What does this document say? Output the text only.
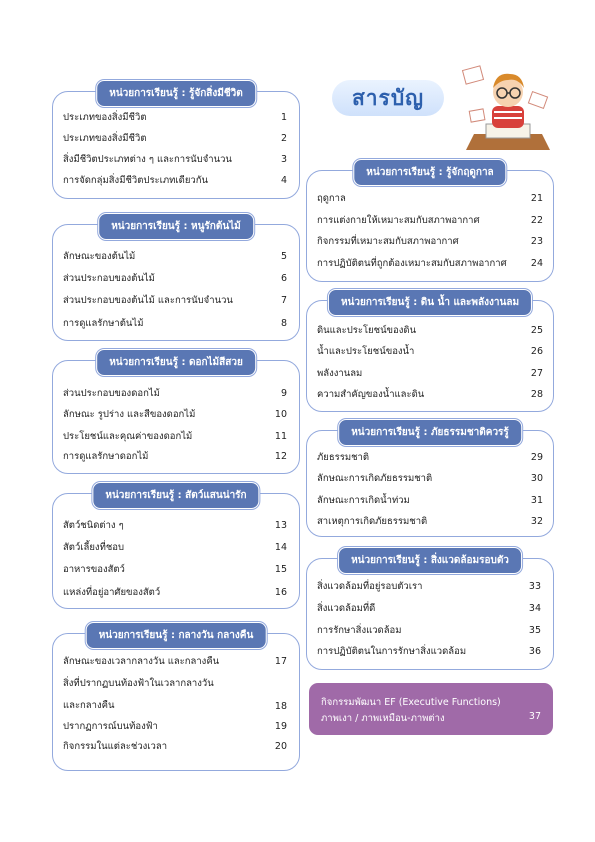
หน่วยการเรียนรู้ : รู้จักสิ่งมีชีวิต
ประเภทของสิ่งมีชีวิต	1
ประเภทของสิ่งมีชีวิต	2
สิ่งมีชีวิตประเภทต่าง ๆ และการนับจำนวน	3
การจัดกลุ่มสิ่งมีชีวิตประเภทเดียวกัน	4
หน่วยการเรียนรู้ : หนูรักต้นไม้
ลักษณะของต้นไม้	5
ส่วนประกอบของต้นไม้	6
ส่วนประกอบของต้นไม้ และการนับจำนวน	7
การดูแลรักษาต้นไม้	8
หน่วยการเรียนรู้ : ดอกไม้สีสวย
ส่วนประกอบของดอกไม้	9
ลักษณะ รูปร่าง และสีของดอกไม้	10
ประโยชน์และคุณค่าของดอกไม้	11
การดูแลรักษาดอกไม้	12
หน่วยการเรียนรู้ : สัตว์แสนน่ารัก
สัตว์ชนิดต่าง ๆ	13
สัตว์เลี้ยงที่ชอบ	14
อาหารของสัตว์	15
แหล่งที่อยู่อาศัยของสัตว์	16
หน่วยการเรียนรู้ : กลางวัน กลางคืน
ลักษณะของเวลากลางวัน และกลางคืน	17
สิ่งที่ปรากฏบนท้องฟ้าในเวลากลางวัน และกลางคืน	18
ปรากฏการณ์บนท้องฟ้า	19
กิจกรรมในแต่ละช่วงเวลา	20
สารบัญ
หน่วยการเรียนรู้ : รู้จักฤดูกาล
ฤดูกาล	21
การแต่งกายให้เหมาะสมกับสภาพอากาศ	22
กิจกรรมที่เหมาะสมกับสภาพอากาศ	23
การปฏิบัติตนที่ถูกต้องเหมาะสมกับสภาพอากาศ	24
หน่วยการเรียนรู้ : ดิน น้ำ และพลังงานลม
ดินและประโยชน์ของดิน	25
น้ำและประโยชน์ของน้ำ	26
พลังงานลม	27
ความสำคัญของน้ำและดิน	28
หน่วยการเรียนรู้ : ภัยธรรมชาติควรรู้
ภัยธรรมชาติ	29
ลักษณะการเกิดภัยธรรมชาติ	30
ลักษณะการเกิดน้ำท่วม	31
สาเหตุการเกิดภัยธรรมชาติ	32
หน่วยการเรียนรู้ : สิ่งแวดล้อมรอบตัว
สิ่งแวดล้อมที่อยู่รอบตัวเรา	33
สิ่งแวดล้อมที่ดี	34
การรักษาสิ่งแวดล้อม	35
การปฏิบัติตนในการรักษาสิ่งแวดล้อม	36
กิจกรรมพัฒนา EF (Executive Functions)
ภาพเงา / ภาพเหมือน-ภาพต่าง	37
